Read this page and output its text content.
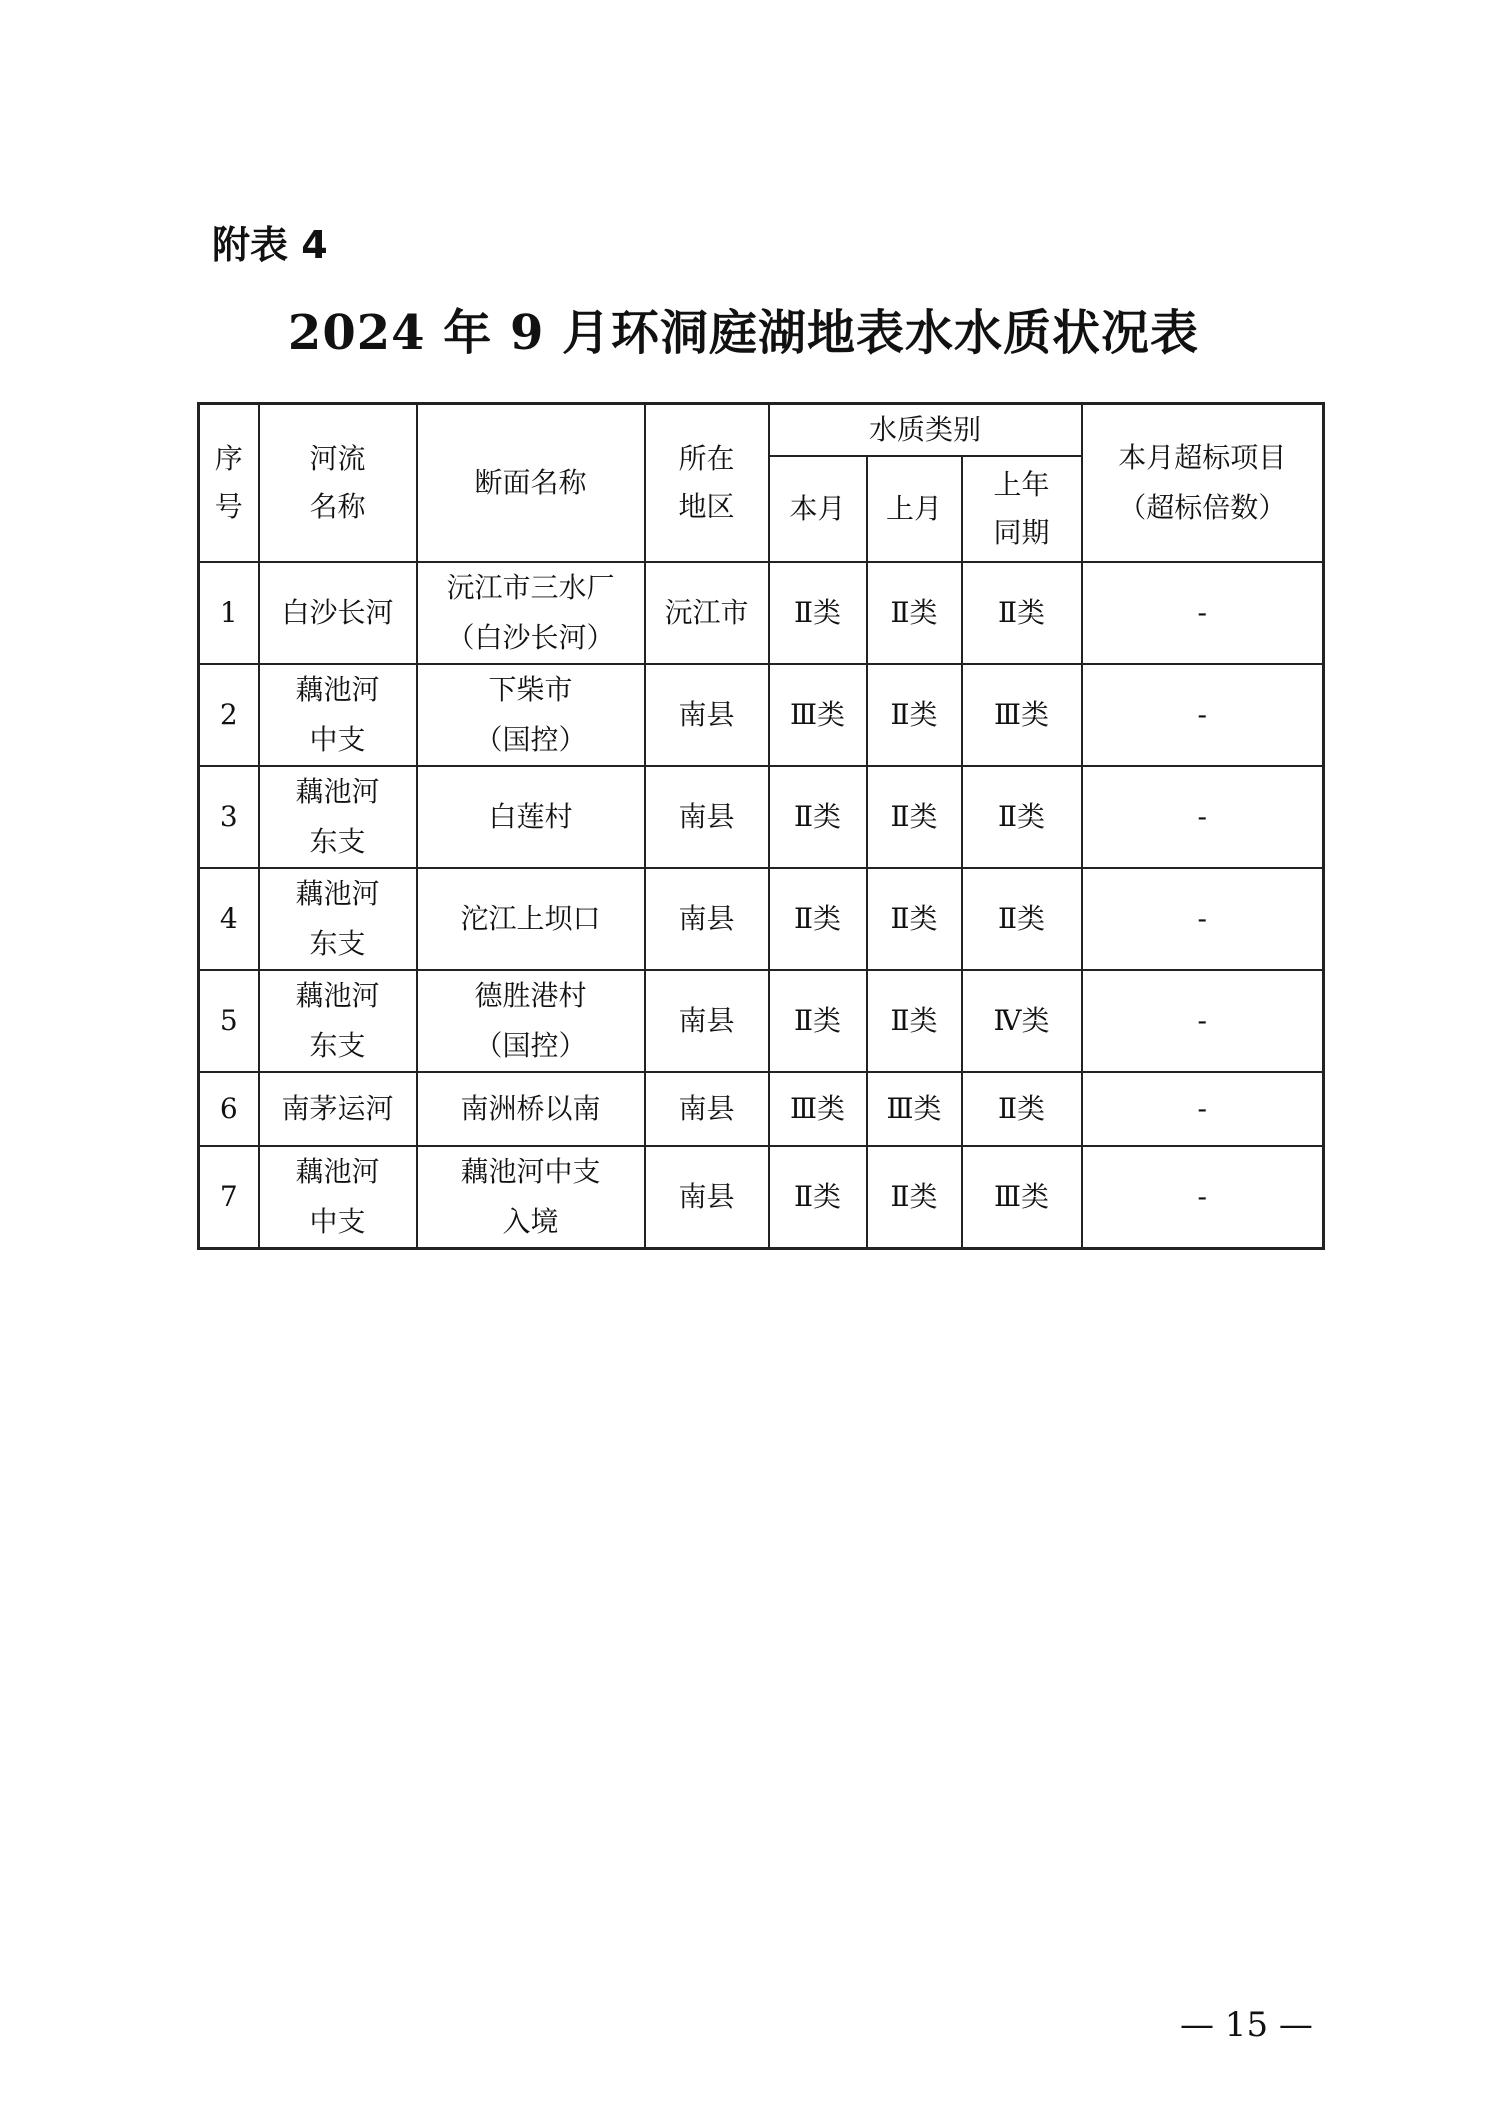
附表 4
2024 年 9 月环洞庭湖地表水水质状况表
序号	河流名称	断面名称	所在地区	水质类别			本月超标项目（超标倍数）

				本月	上月	上年同期	

1	白沙长河	沅江市三水厂（白沙长河）	沅江市	Ⅱ类	Ⅱ类	Ⅱ类	-
2	藕池河中支	下柴市（国控）	南县	Ⅲ类	Ⅱ类	Ⅲ类	-
3	藕池河东支	白莲村	南县	Ⅱ类	Ⅱ类	Ⅱ类	-
4	藕池河东支	沱江上坝口	南县	Ⅱ类	Ⅱ类	Ⅱ类	-
5	藕池河东支	德胜港村（国控）	南县	Ⅱ类	Ⅱ类	Ⅳ类	-
6	南茅运河	南洲桥以南	南县	Ⅲ类	Ⅲ类	Ⅱ类	-
7	藕池河中支	藕池河中支入境	南县	Ⅱ类	Ⅱ类	Ⅲ类	-
— 15 —
